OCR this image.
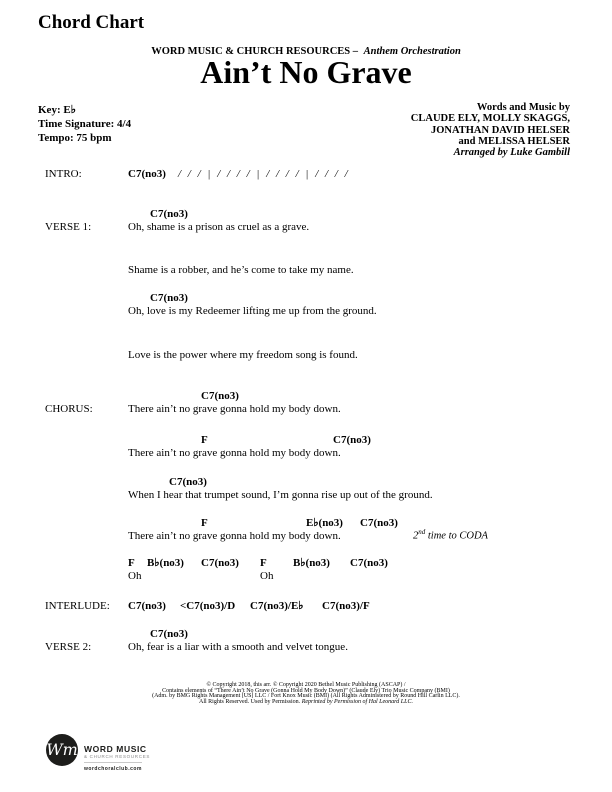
Chord Chart
WORD MUSIC & CHURCH RESOURCES – Anthem Orchestration
Ain’t No Grave
Key: E♭
Time Signature: 4/4
Tempo: 75 bpm
Words and Music by
CLAUDE ELY, MOLLY SKAGGS,
JONATHAN DAVID HELSER
and MELISSA HELSER
Arranged by Luke Gambill
INTRO:	C7(no3) / / / | / / / / | / / / / | / / / /
C7(no3)
VERSE 1:	Oh, shame is a prison as cruel as a grave.
Shame is a robber, and he’s come to take my name.
C7(no3)
Oh, love is my Redeemer lifting me up from the ground.
Love is the power where my freedom song is found.
C7(no3)
CHORUS:	There ain’t no grave gonna hold my body down.
F	C7(no3)
There ain’t no grave gonna hold my body down.
C7(no3)
When I hear that trumpet sound, I’m gonna rise up out of the ground.
F	E♭(no3) C7(no3)
There ain’t no grave gonna hold my body down.	2nd time to CODA
F B♭(no3) C7(no3) F B♭(no3) C7(no3)
Oh	Oh
INTERLUDE: C7(no3) <C7(no3)/D C7(no3)/E♭ C7(no3)/F
C7(no3)
VERSE 2:	Oh, fear is a liar with a smooth and velvet tongue.
© Copyright 2018, this arr. © Copyright 2020 Bethel Music Publishing (ASCAP) /
Contains elements of “There Ain’t No Grave (Gonna Hold My Body Down)” (Claude Ely) Trio Music Company (BMI)
(Adm. by BMG Rights Management [US] LLC / Fort Knox Music (BMI) (All Rights Administered by Round Hill Carlin LLC).
All Rights Reserved. Used by Permission. Reprinted by Permission of Hal Leonard LLC.
Wm WORD MUSIC
& CHURCH RESOURCES
wordchoralclub.com
